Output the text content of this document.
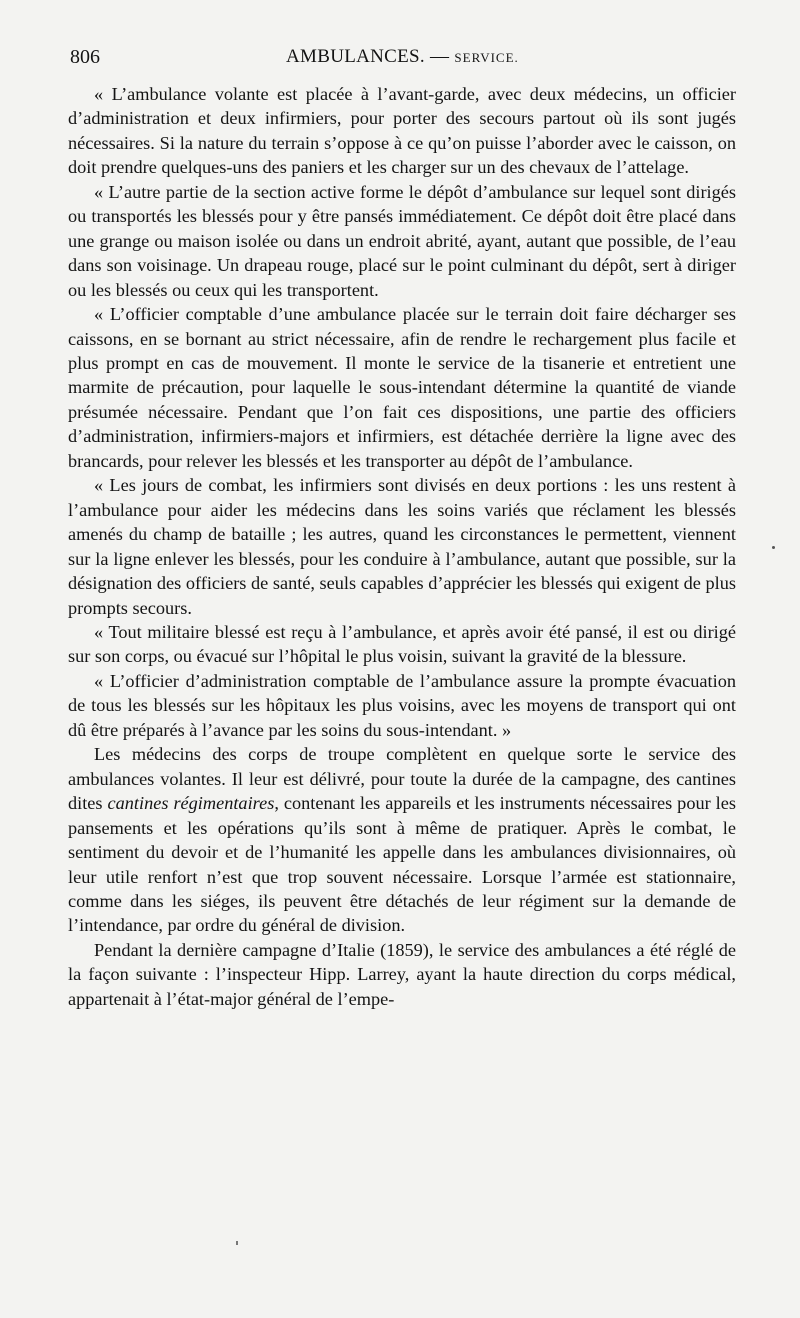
806	AMBULANCES. — SERVICE.

« L’ambulance volante est placée à l’avant-garde, avec deux médecins, un officier d’administration et deux infirmiers, pour porter des secours partout où ils sont jugés nécessaires. Si la nature du terrain s’oppose à ce qu’on puisse l’aborder avec le caisson, on doit prendre quelques-uns des paniers et les charger sur un des chevaux de l’attelage.

« L’autre partie de la section active forme le dépôt d’ambulance sur lequel sont dirigés ou transportés les blessés pour y être pansés immédiatement. Ce dépôt doit être placé dans une grange ou maison isolée ou dans un endroit abrité, ayant, autant que possible, de l’eau dans son voisinage. Un drapeau rouge, placé sur le point culminant du dépôt, sert à diriger ou les blessés ou ceux qui les transportent.

« L’officier comptable d’une ambulance placée sur le terrain doit faire décharger ses caissons, en se bornant au strict nécessaire, afin de rendre le rechargement plus facile et plus prompt en cas de mouvement. Il monte le service de la tisanerie et entretient une marmite de précaution, pour laquelle le sous-intendant détermine la quantité de viande présumée nécessaire. Pendant que l’on fait ces dispositions, une partie des officiers d’administration, infirmiers-majors et infirmiers, est détachée derrière la ligne avec des brancards, pour relever les blessés et les transporter au dépôt de l’ambulance.

« Les jours de combat, les infirmiers sont divisés en deux portions : les uns restent à l’ambulance pour aider les médecins dans les soins variés que réclament les blessés amenés du champ de bataille ; les autres, quand les circonstances le permettent, viennent sur la ligne enlever les blessés, pour les conduire à l’ambulance, autant que possible, sur la désignation des officiers de santé, seuls capables d’apprécier les blessés qui exigent de plus prompts secours.

« Tout militaire blessé est reçu à l’ambulance, et après avoir été pansé, il est ou dirigé sur son corps, ou évacué sur l’hôpital le plus voisin, suivant la gravité de la blessure.

« L’officier d’administration comptable de l’ambulance assure la prompte évacuation de tous les blessés sur les hôpitaux les plus voisins, avec les moyens de transport qui ont dû être préparés à l’avance par les soins du sous-intendant. »

Les médecins des corps de troupe complètent en quelque sorte le service des ambulances volantes. Il leur est délivré, pour toute la durée de la campagne, des cantines dites cantines régimentaires, contenant les appareils et les instruments nécessaires pour les pansements et les opérations qu’ils sont à même de pratiquer. Après le combat, le sentiment du devoir et de l’humanité les appelle dans les ambulances divisionnaires, où leur utile renfort n’est que trop souvent nécessaire. Lorsque l’armée est stationnaire, comme dans les siéges, ils peuvent être détachés de leur régiment sur la demande de l’intendance, par ordre du général de division.

Pendant la dernière campagne d’Italie (1859), le service des ambulances a été réglé de la façon suivante : l’inspecteur Hipp. Larrey, ayant la haute direction du corps médical, appartenait à l’état-major général de l’empe-
